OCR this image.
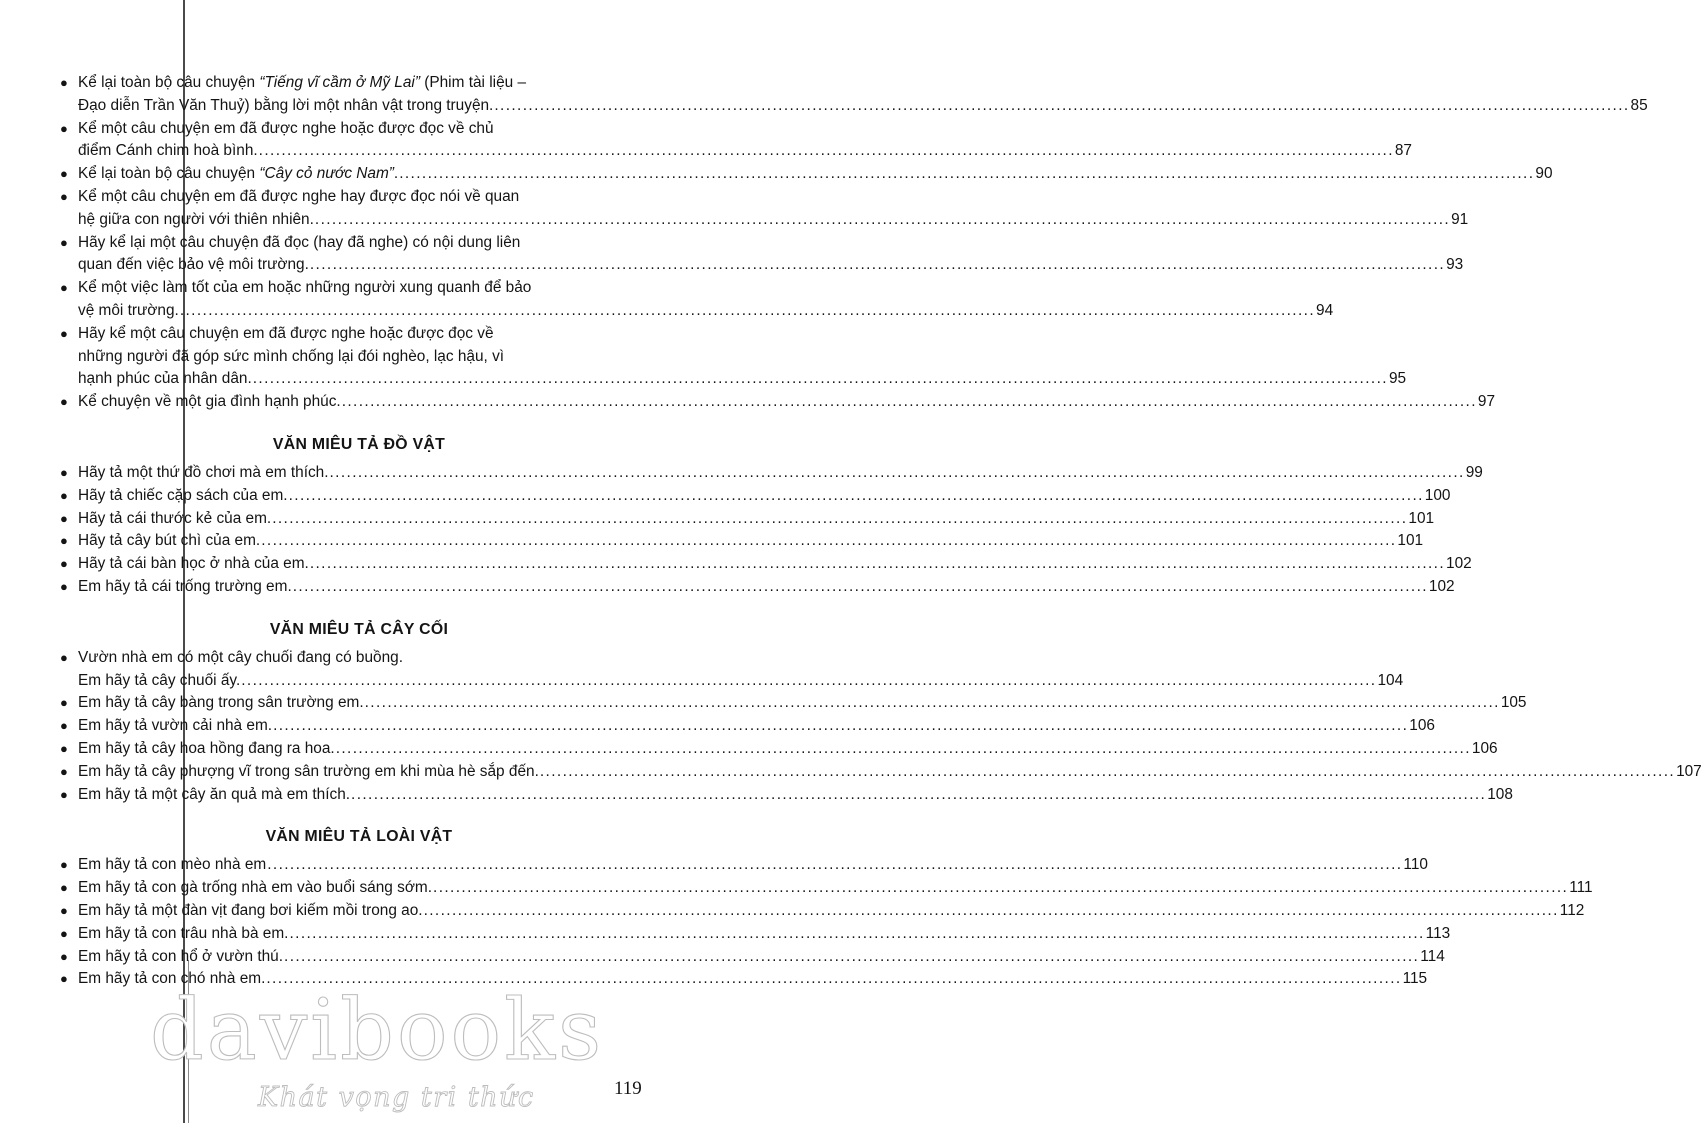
● Kể lại toàn bộ câu chuyện “Tiếng vĩ cầm ở Mỹ Lai” (Phim tài liệu –
Đạo diễn Trần Văn Thuỷ) bằng lời một nhân vật trong truyện. ........................................................................................................................................................................................................ 85
● Kể một câu chuyện em đã được nghe hoặc được đọc về chủ
điểm Cánh chim hoà bình. ........................................................................................................................................................................................................ 87
● Kể lại toàn bộ câu chuyện “Cây cỏ nước Nam”. ........................................................................................................................................................................................................ 90
● Kể một câu chuyện em đã được nghe hay được đọc nói về quan
hệ giữa con người với thiên nhiên. ........................................................................................................................................................................................................ 91
● Hãy kể lại một câu chuyện đã đọc (hay đã nghe) có nội dung liên
quan đến việc bảo vệ môi trường. ........................................................................................................................................................................................................ 93
● Kể một việc làm tốt của em hoặc những người xung quanh để bảo
vệ môi trường. ........................................................................................................................................................................................................ 94
● Hãy kể một câu chuyện em đã được nghe hoặc được đọc về
những người đã góp sức mình chống lại đói nghèo, lạc hậu, vì
hạnh phúc của nhân dân. ........................................................................................................................................................................................................ 95
● Kể chuyện về một gia đình hạnh phúc. ........................................................................................................................................................................................................ 97
VĂN MIÊU TẢ ĐỒ VẬT
● Hãy tả một thứ đồ chơi mà em thích. ........................................................................................................................................................................................................ 99
● Hãy tả chiếc cặp sách của em. ........................................................................................................................................................................................................ 100
● Hãy tả cái thước kẻ của em. ........................................................................................................................................................................................................ 101
● Hãy tả cây bút chì của em. ........................................................................................................................................................................................................ 101
● Hãy tả cái bàn học ở nhà của em. ........................................................................................................................................................................................................ 102
● Em hãy tả cái trống trường em. ........................................................................................................................................................................................................ 102
VĂN MIÊU TẢ CÂY CỐI
● Vườn nhà em có một cây chuối đang có buồng.
Em hãy tả cây chuối ấy. ........................................................................................................................................................................................................ 104
● Em hãy tả cây bàng trong sân trường em. ........................................................................................................................................................................................................ 105
● Em hãy tả vườn cải nhà em. ........................................................................................................................................................................................................ 106
● Em hãy tả cây hoa hồng đang ra hoa. ........................................................................................................................................................................................................ 106
● Em hãy tả cây phượng vĩ trong sân trường em khi mùa hè sắp đến. ........................................................................................................................................................................................................ 107
● Em hãy tả một cây ăn quả mà em thích. ........................................................................................................................................................................................................ 108
VĂN MIÊU TẢ LOÀI VẬT
● Em hãy tả con mèo nhà em ........................................................................................................................................................................................................ 110
● Em hãy tả con gà trống nhà em vào buổi sáng sớm. ........................................................................................................................................................................................................ 111
● Em hãy tả một đàn vịt đang bơi kiếm mồi trong ao. ........................................................................................................................................................................................................ 112
● Em hãy tả con trâu nhà bà em. ........................................................................................................................................................................................................ 113
● Em hãy tả con hổ ở vườn thú. ........................................................................................................................................................................................................ 114
● Em hãy tả con chó nhà em. ........................................................................................................................................................................................................ 115
119
davibooks
Khát vọng tri thức
